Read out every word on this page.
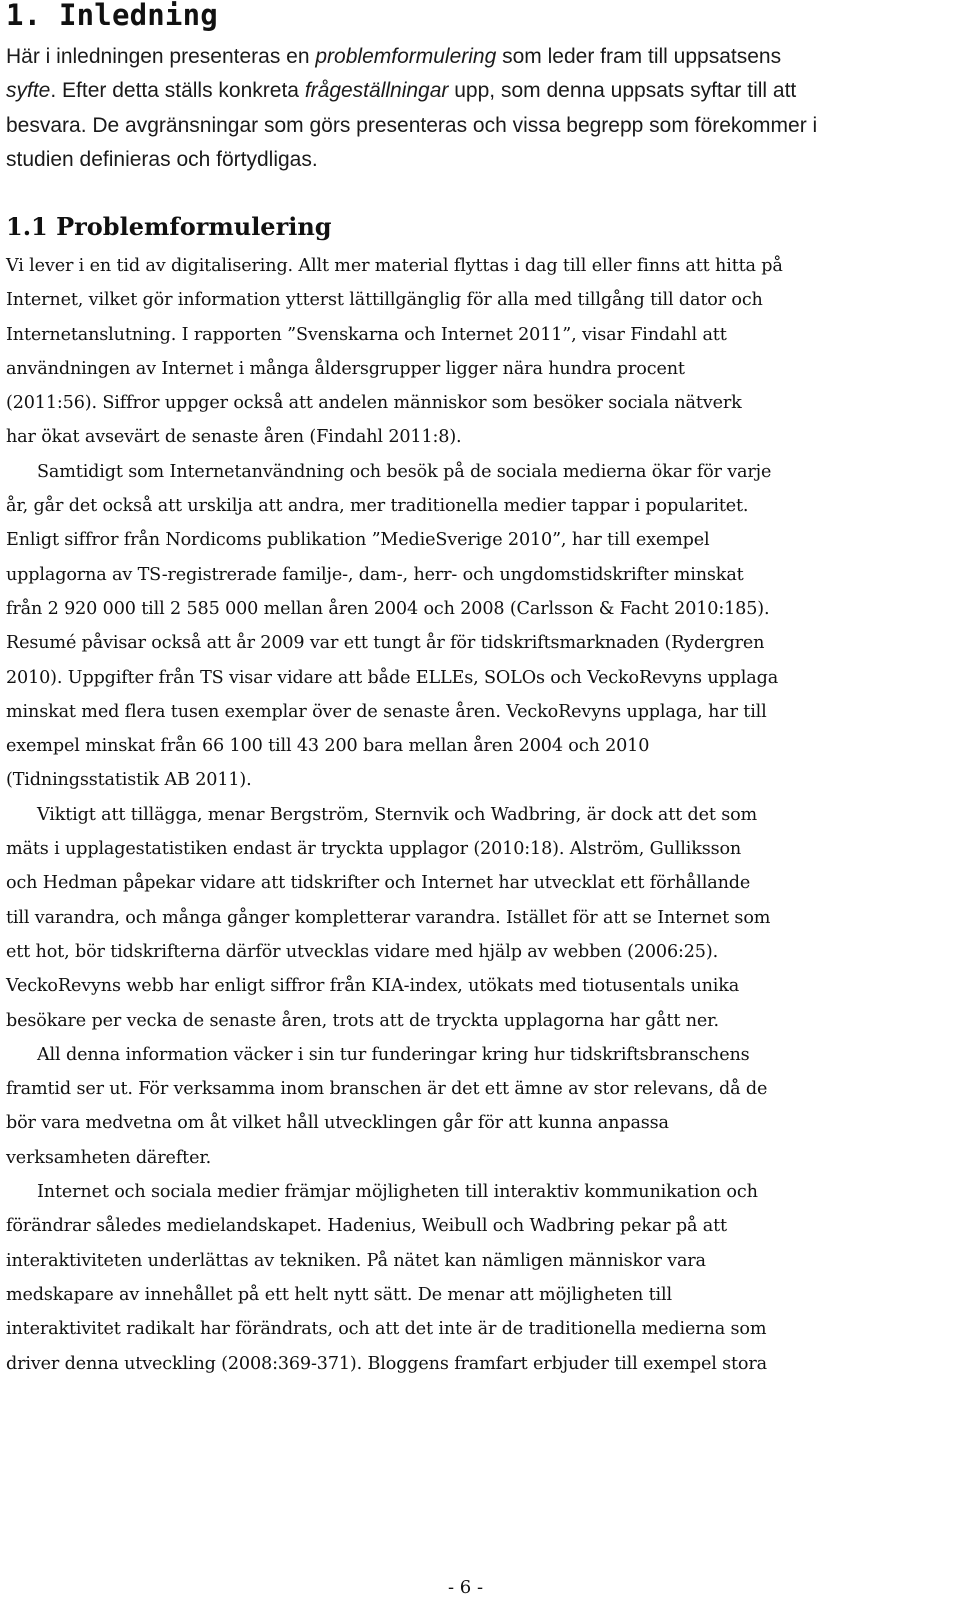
1. Inledning
Här i inledningen presenteras en problemformulering som leder fram till uppsatsens
syfte. Efter detta ställs konkreta frågeställningar upp, som denna uppsats syftar till att
besvara. De avgränsningar som görs presenteras och vissa begrepp som förekommer i
studien definieras och förtydligas.
1.1 Problemformulering
Vi lever i en tid av digitalisering. Allt mer material flyttas i dag till eller finns att hitta på
Internet, vilket gör information ytterst lättillgänglig för alla med tillgång till dator och
Internetanslutning. I rapporten ”Svenskarna och Internet 2011”, visar Findahl att
användningen av Internet i många åldersgrupper ligger nära hundra procent
(2011:56). Siffror uppger också att andelen människor som besöker sociala nätverk
har ökat avsevärt de senaste åren (Findahl 2011:8).
Samtidigt som Internetanvändning och besök på de sociala medierna ökar för varje
år, går det också att urskilja att andra, mer traditionella medier tappar i popularitet.
Enligt siffror från Nordicoms publikation ”MedieSverige 2010”, har till exempel
upplagorna av TS-registrerade familje-, dam-, herr- och ungdomstidskrifter minskat
från 2 920 000 till 2 585 000 mellan åren 2004 och 2008 (Carlsson & Facht 2010:185).
Resumé påvisar också att år 2009 var ett tungt år för tidskriftsmarknaden (Rydergren
2010). Uppgifter från TS visar vidare att både ELLEs, SOLOs och VeckoRevyns upplaga
minskat med flera tusen exemplar över de senaste åren. VeckoRevyns upplaga, har till
exempel minskat från 66 100 till 43 200 bara mellan åren 2004 och 2010
(Tidningsstatistik AB 2011).
Viktigt att tillägga, menar Bergström, Sternvik och Wadbring, är dock att det som
mäts i upplagestatistiken endast är tryckta upplagor (2010:18). Alström, Gulliksson
och Hedman påpekar vidare att tidskrifter och Internet har utvecklat ett förhållande
till varandra, och många gånger kompletterar varandra. Istället för att se Internet som
ett hot, bör tidskrifterna därför utvecklas vidare med hjälp av webben (2006:25).
VeckoRevyns webb har enligt siffror från KIA-index, utökats med tiotusentals unika
besökare per vecka de senaste åren, trots att de tryckta upplagorna har gått ner.
All denna information väcker i sin tur funderingar kring hur tidskriftsbranschens
framtid ser ut. För verksamma inom branschen är det ett ämne av stor relevans, då de
bör vara medvetna om åt vilket håll utvecklingen går för att kunna anpassa
verksamheten därefter.
Internet och sociala medier främjar möjligheten till interaktiv kommunikation och
förändrar således medielandskapet. Hadenius, Weibull och Wadbring pekar på att
interaktiviteten underlättas av tekniken. På nätet kan nämligen människor vara
medskapare av innehållet på ett helt nytt sätt. De menar att möjligheten till
interaktivitet radikalt har förändrats, och att det inte är de traditionella medierna som
driver denna utveckling (2008:369-371). Bloggens framfart erbjuder till exempel stora
- 6 -
